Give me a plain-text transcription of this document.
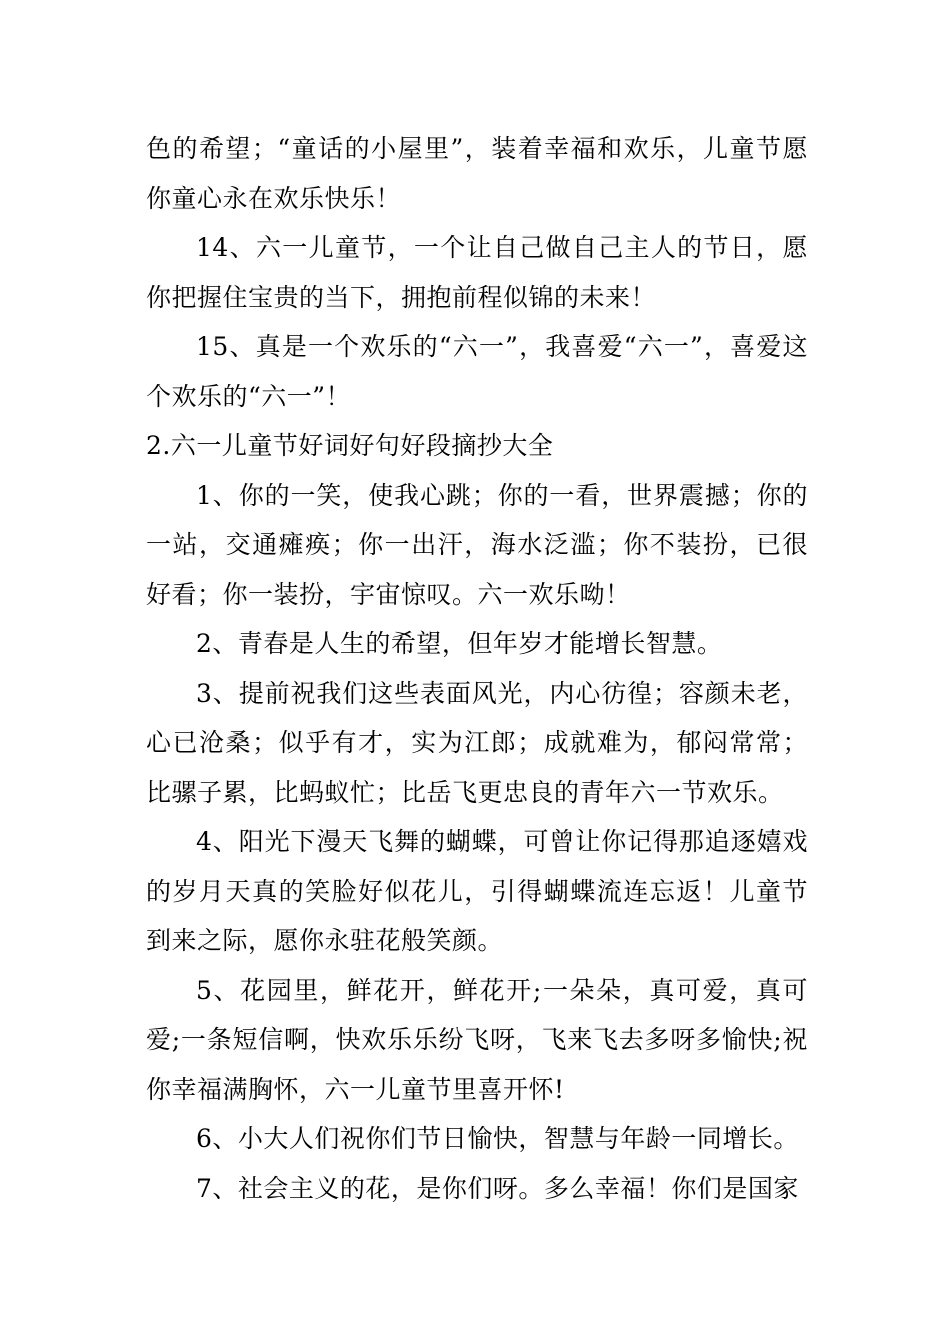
色的希望；“童话的小屋里”，装着幸福和欢乐，儿童节愿你童心永在欢乐快乐！

14、六一儿童节，一个让自己做自己主人的节日，愿你把握住宝贵的当下，拥抱前程似锦的未来！

15、真是一个欢乐的“六一”，我喜爱“六一”，喜爱这个欢乐的“六一”！

2.六一儿童节好词好句好段摘抄大全

1、你的一笑，使我心跳；你的一看，世界震撼；你的一站，交通瘫痪；你一出汗，海水泛滥；你不装扮，已很好看；你一装扮，宇宙惊叹。六一欢乐呦！

2、青春是人生的希望，但年岁才能增长智慧。

3、提前祝我们这些表面风光，内心彷徨；容颜未老，心已沧桑；似乎有才，实为江郎；成就难为，郁闷常常；比骡子累，比蚂蚁忙；比岳飞更忠良的青年六一节欢乐。

4、阳光下漫天飞舞的蝴蝶，可曾让你记得那追逐嬉戏的岁月天真的笑脸好似花儿，引得蝴蝶流连忘返！儿童节到来之际，愿你永驻花般笑颜。

5、花园里，鲜花开，鲜花开;一朵朵，真可爱，真可爱;一条短信啊，快欢乐乐纷飞呀，飞来飞去多呀多愉快;祝你幸福满胸怀，六一儿童节里喜开怀!

6、小大人们祝你们节日愉快，智慧与年龄一同增长。

7、社会主义的花，是你们呀。多么幸福！你们是国家
